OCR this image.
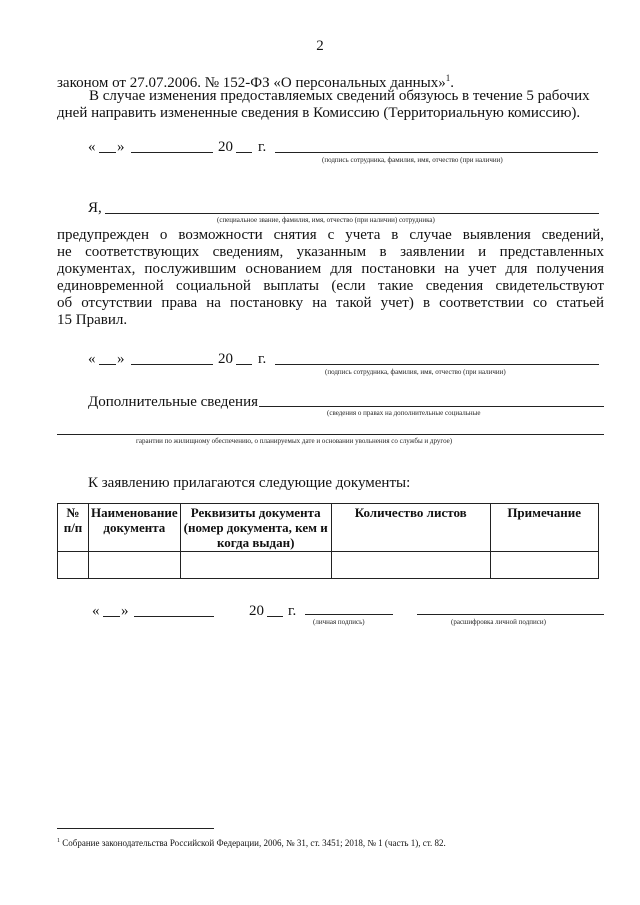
2
законом от 27.07.2006. № 152-ФЗ «О персональных данных»$^1$.
В случае изменения предоставляемых сведений обязуюсь в течение 5 рабочих дней направить измененные сведения в Комиссию (Территориальную комиссию).
« »	20 г.
(подпись сотрудника, фамилия, имя, отчество (при наличии)
Я,
(специальное звание, фамилия, имя, отчество (при наличии) сотрудника)
предупрежден о возможности снятия с учета в случае выявления сведений,
не соответствующих сведениям, указанным в заявлении и представленных
документах, послужившим основанием для постановки на учет для получения
единовременной социальной выплаты (если такие сведения свидетельствуют
об отсутствии права на постановку на такой учет) в соответствии со статьей
15 Правил.
« »	20 г.
(подпись сотрудника, фамилия, имя, отчество (при наличии)
Дополнительные сведения
(сведения о правах на дополнительные социальные
гарантии по жилищному обеспечению, о планируемых дате и основании увольнения со службы и другое)
К заявлению прилагаются следующие документы:
№ п/п	Наименование документа	Реквизиты документа (номер документа, кем и когда выдан)	Количество листов	Примечание

« »	20 г.
(личная подпись)	(расшифровка личной подписи)
$^1$ Собрание законодательства Российской Федерации, 2006, № 31, ст. 3451; 2018, № 1 (часть 1), ст. 82.
